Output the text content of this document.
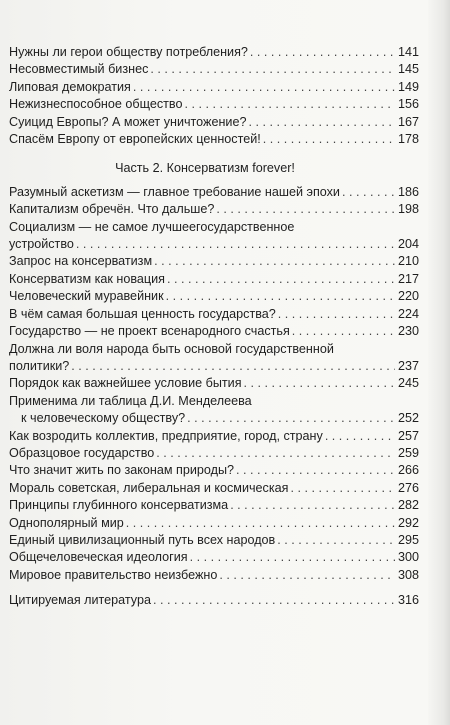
Нужны ли герои обществу потребления? . . .	141
Несовместимый бизнес . . .	145
Липовая демократия . . .	149
Нежизнеспособное общество . . .	156
Суицид Европы? А может уничтожение? . . .	167
Спасём Европу от европейских ценностей! . . .	178
Часть 2. Консерватизм forever!
Разумный аскетизм — главное требование нашей эпохи . . .	186
Капитализм обречён. Что дальше? . . .	198
Социализм — не самое лучшеегосударственное
устройство . . .	204
Запрос на консерватизм . . .	210
Консерватизм как новация . . .	217
Человеческий муравейник . . .	220
В чём самая большая ценность государства? . . .	224
Государство — не проект всенародного счастья . . .	230
Должна ли воля народа быть основой государственной
политики? . . .	237
Порядок как важнейшее условие бытия . . .	245
Применима ли таблица Д.И. Менделеева
к человеческому обществу? . . .	252
Как возродить коллектив, предприятие, город, страну . . .	257
Образцовое государство . . .	259
Что значит жить по законам природы? . . .	266
Мораль советская, либеральная и космическая . . .	276
Принципы глубинного консерватизма . . .	282
Однополярный мир . . .	292
Единый цивилизационный путь всех народов . . .	295
Общечеловеческая идеология . . .	300
Мировое правительство неизбежно . . .	308
Цитируемая литература . . .	316
